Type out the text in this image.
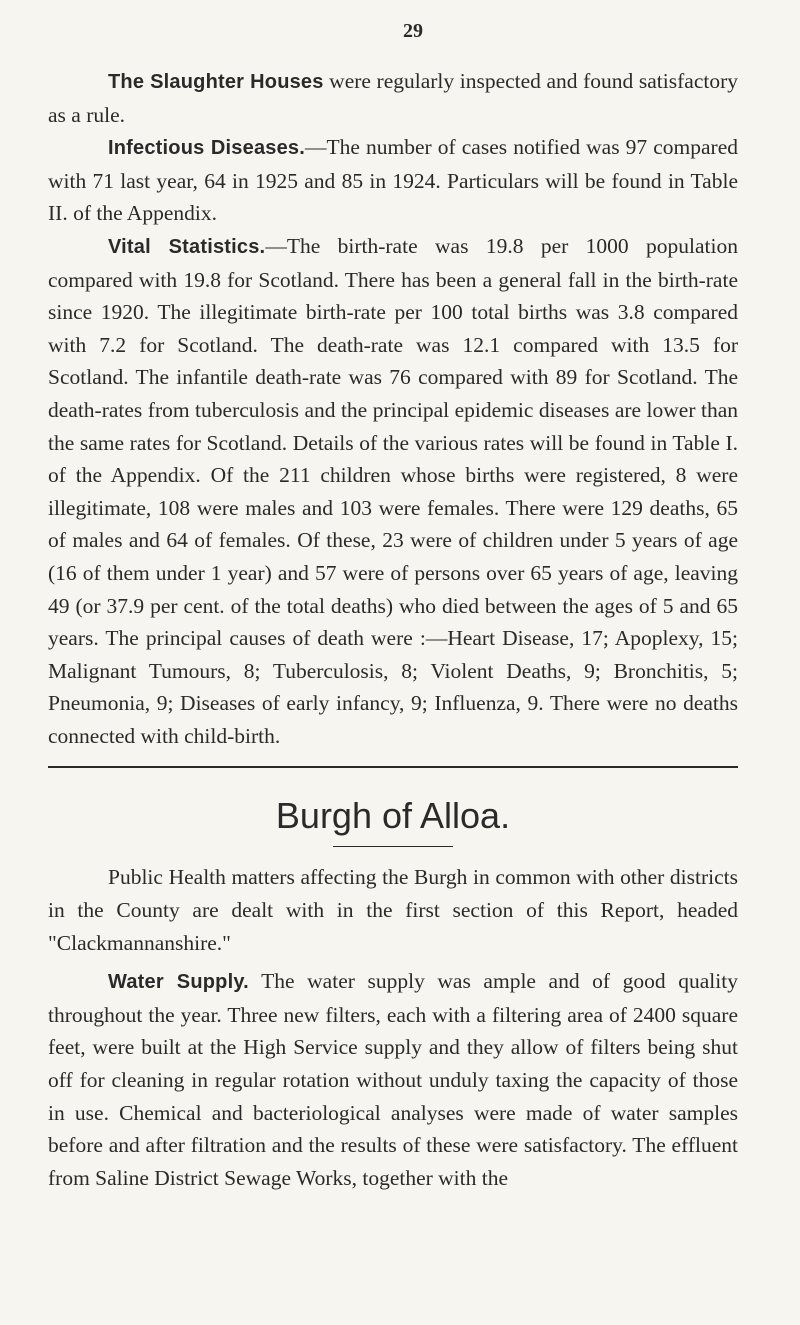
29

The Slaughter Houses were regularly inspected and found satisfactory as a rule.

Infectious Diseases.—The number of cases notified was 97 compared with 71 last year, 64 in 1925 and 85 in 1924. Particulars will be found in Table II. of the Appendix.

Vital Statistics.—The birth-rate was 19.8 per 1000 population compared with 19.8 for Scotland. There has been a general fall in the birth-rate since 1920. The illegitimate birth-rate per 100 total births was 3.8 compared with 7.2 for Scotland. The death-rate was 12.1 compared with 13.5 for Scotland. The infantile death-rate was 76 compared with 89 for Scotland. The death-rates from tuberculosis and the principal epidemic diseases are lower than the same rates for Scotland. Details of the various rates will be found in Table I. of the Appendix. Of the 211 children whose births were registered, 8 were illegitimate, 108 were males and 103 were females. There were 129 deaths, 65 of males and 64 of females. Of these, 23 were of children under 5 years of age (16 of them under 1 year) and 57 were of persons over 65 years of age, leaving 49 (or 37.9 per cent. of the total deaths) who died between the ages of 5 and 65 years. The principal causes of death were :—Heart Disease, 17; Apoplexy, 15; Malignant Tumours, 8; Tuberculosis, 8; Violent Deaths, 9; Bronchitis, 5; Pneumonia, 9; Diseases of early infancy, 9; Influenza, 9. There were no deaths connected with child-birth.

Burgh of Alloa.

Public Health matters affecting the Burgh in common with other districts in the County are dealt with in the first section of this Report, headed "Clackmannanshire."

Water Supply. The water supply was ample and of good quality throughout the year. Three new filters, each with a filtering area of 2400 square feet, were built at the High Service supply and they allow of filters being shut off for cleaning in regular rotation without unduly taxing the capacity of those in use. Chemical and bacteriological analyses were made of water samples before and after filtration and the results of these were satisfactory. The effluent from Saline District Sewage Works, together with the
